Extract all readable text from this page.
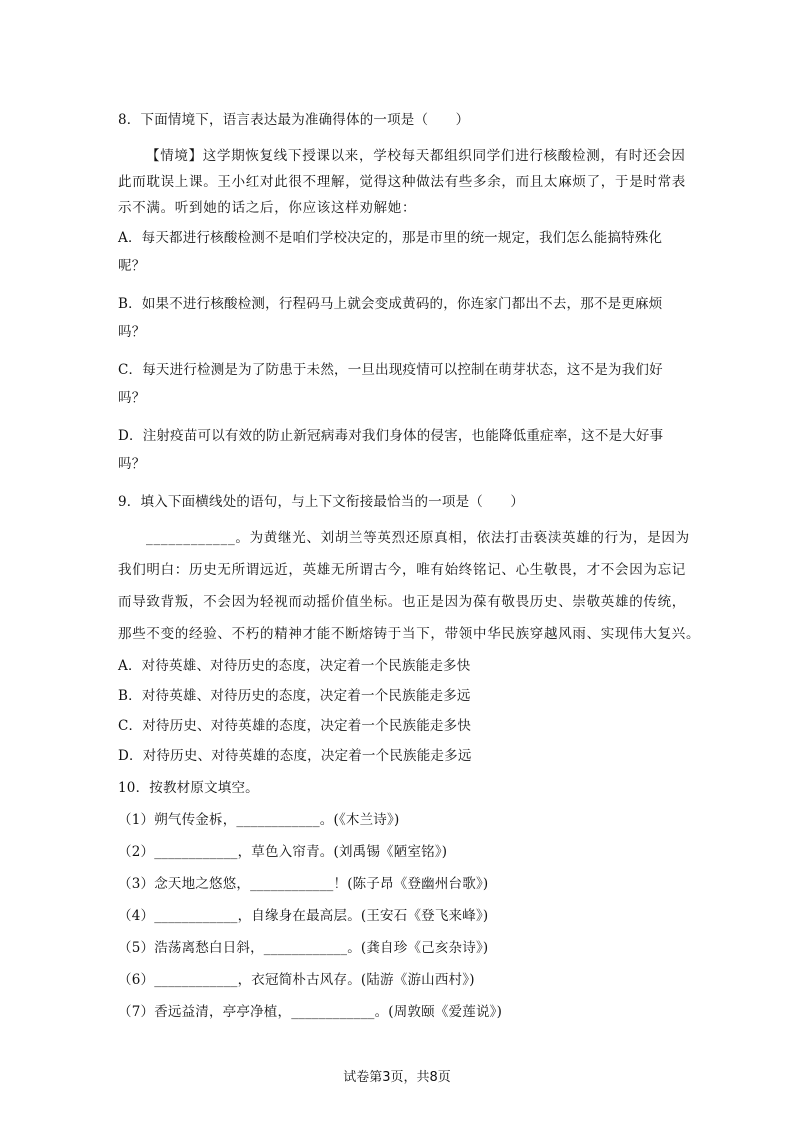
8．下面情境下，语言表达最为准确得体的一项是（　　）
【情境】这学期恢复线下授课以来，学校每天都组织同学们进行核酸检测，有时还会因
此而耽误上课。王小红对此很不理解，觉得这种做法有些多余，而且太麻烦了，于是时常表
示不满。听到她的话之后，你应该这样劝解她：
A．每天都进行核酸检测不是咱们学校决定的，那是市里的统一规定，我们怎么能搞特殊化
呢？
B．如果不进行核酸检测，行程码马上就会变成黄码的，你连家门都出不去，那不是更麻烦
吗？
C．每天进行检测是为了防患于未然，一旦出现疫情可以控制在萌芽状态，这不是为我们好
吗？
D．注射疫苗可以有效的防止新冠病毒对我们身体的侵害，也能降低重症率，这不是大好事
吗？
9．填入下面横线处的语句，与上下文衔接最恰当的一项是（　　）
____________。为黄继光、刘胡兰等英烈还原真相，依法打击亵渎英雄的行为，是因为
我们明白：历史无所谓远近，英雄无所谓古今，唯有始终铭记、心生敬畏，才不会因为忘记
而导致背叛，不会因为轻视而动摇价值坐标。也正是因为葆有敬畏历史、崇敬英雄的传统，
那些不变的经验、不朽的精神才能不断熔铸于当下，带领中华民族穿越风雨、实现伟大复兴。
A．对待英雄、对待历史的态度，决定着一个民族能走多快
B．对待英雄、对待历史的态度，决定着一个民族能走多远
C．对待历史、对待英雄的态度，决定着一个民族能走多快
D．对待历史、对待英雄的态度，决定着一个民族能走多远
10．按教材原文填空。
（1）朔气传金柝，____________。(《木兰诗》)
（2）____________，草色入帘青。(刘禹锡《陋室铭》)
（3）念天地之悠悠，____________！(陈子昂《登幽州台歌》)
（4）____________，自缘身在最高层。(王安石《登飞来峰》)
（5）浩荡离愁白日斜，____________。(龚自珍《己亥杂诗》)
（6）____________，衣冠简朴古风存。(陆游《游山西村》)
（7）香远益清，亭亭净植，____________。(周敦颐《爱莲说》)
试卷第3页，共8页
